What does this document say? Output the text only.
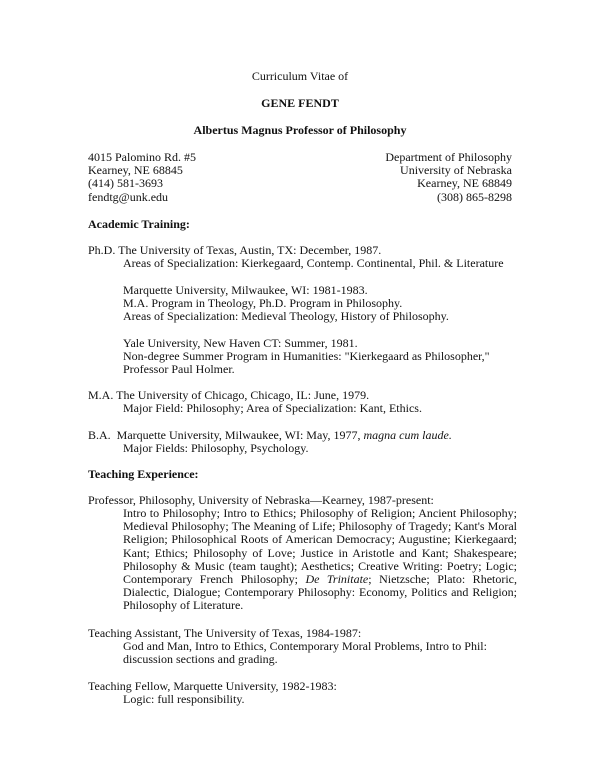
Curriculum Vitae of
GENE FENDT
Albertus Magnus Professor of Philosophy
4015 Palomino Rd. #5
Kearney, NE 68845
(414) 581-3693
fendtg@unk.edu
Department of Philosophy
University of Nebraska
Kearney, NE 68849
(308) 865-8298
Academic Training:
Ph.D. The University of Texas, Austin, TX: December, 1987.
Areas of Specialization: Kierkegaard, Contemp. Continental, Phil. & Literature
Marquette University, Milwaukee, WI: 1981-1983.
M.A. Program in Theology, Ph.D. Program in Philosophy.
Areas of Specialization: Medieval Theology, History of Philosophy.
Yale University, New Haven CT: Summer, 1981.
Non-degree Summer Program in Humanities: "Kierkegaard as Philosopher,"
Professor Paul Holmer.
M.A. The University of Chicago, Chicago, IL: June, 1979.
Major Field: Philosophy; Area of Specialization: Kant, Ethics.
B.A.  Marquette University, Milwaukee, WI: May, 1977, magna cum laude.
Major Fields: Philosophy, Psychology.
Teaching Experience:
Professor, Philosophy, University of Nebraska—Kearney, 1987-present:
Intro to Philosophy; Intro to Ethics; Philosophy of Religion; Ancient Philosophy; Medieval Philosophy; The Meaning of Life; Philosophy of Tragedy; Kant's Moral Religion; Philosophical Roots of American Democracy; Augustine; Kierkegaard; Kant; Ethics; Philosophy of Love; Justice in Aristotle and Kant; Shakespeare; Philosophy & Music (team taught); Aesthetics; Creative Writing: Poetry; Logic; Contemporary French Philosophy; De Trinitate; Nietzsche; Plato: Rhetoric, Dialectic, Dialogue; Contemporary Philosophy: Economy, Politics and Religion; Philosophy of Literature.
Teaching Assistant, The University of Texas, 1984-1987:
God and Man, Intro to Ethics, Contemporary Moral Problems, Intro to Phil: discussion sections and grading.
Teaching Fellow, Marquette University, 1982-1983:
Logic: full responsibility.
